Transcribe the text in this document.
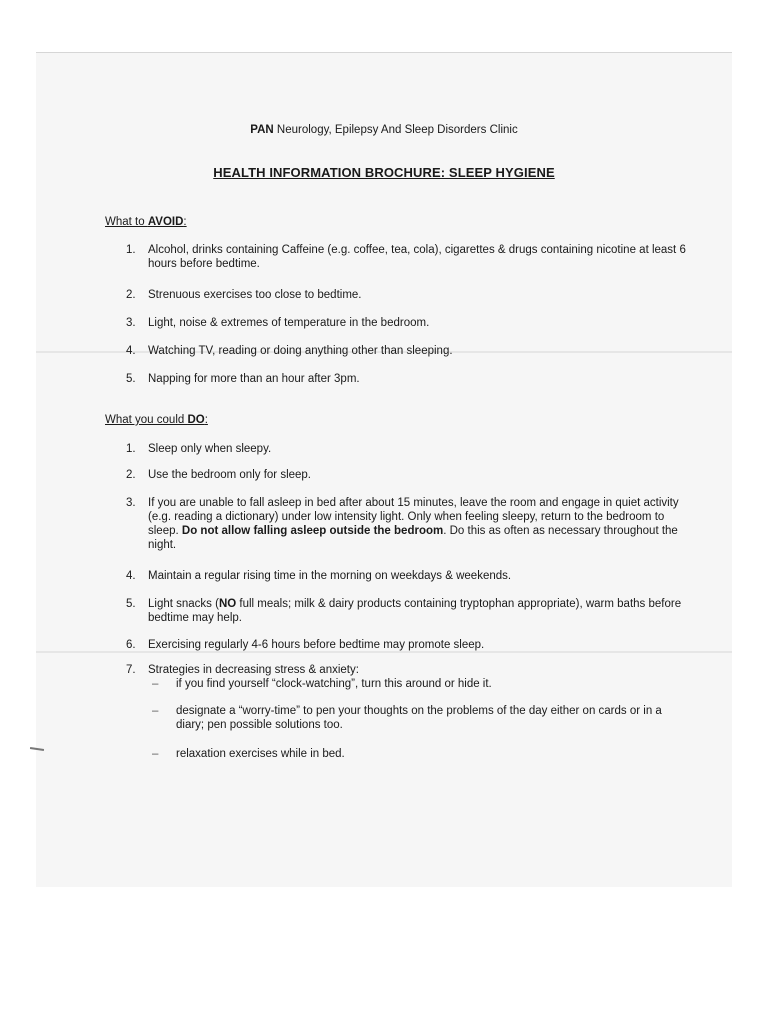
PAN Neurology, Epilepsy And Sleep Disorders Clinic
HEALTH INFORMATION BROCHURE: SLEEP HYGIENE
What to AVOID:
1.	Alcohol, drinks containing Caffeine (e.g. coffee, tea, cola), cigarettes & drugs containing nicotine at least 6 hours before bedtime.
2.	Strenuous exercises too close to bedtime.
3.	Light, noise & extremes of temperature in the bedroom.
4.	Watching TV, reading or doing anything other than sleeping.
5.	Napping for more than an hour after 3pm.
What you could DO:
1.	Sleep only when sleepy.
2.	Use the bedroom only for sleep.
3.	If you are unable to fall asleep in bed after about 15 minutes, leave the room and engage in quiet activity (e.g. reading a dictionary) under low intensity light. Only when feeling sleepy, return to the bedroom to sleep. Do not allow falling asleep outside the bedroom. Do this as often as necessary throughout the night.
4.	Maintain a regular rising time in the morning on weekdays & weekends.
5.	Light snacks (NO full meals; milk & dairy products containing tryptophan appropriate), warm baths before bedtime may help.
6.	Exercising regularly 4-6 hours before bedtime may promote sleep.
7.	Strategies in decreasing stress & anxiety:
–	if you find yourself “clock-watching”, turn this around or hide it.
–	designate a “worry-time” to pen your thoughts on the problems of the day either on cards or in a diary; pen possible solutions too.
–	relaxation exercises while in bed.
